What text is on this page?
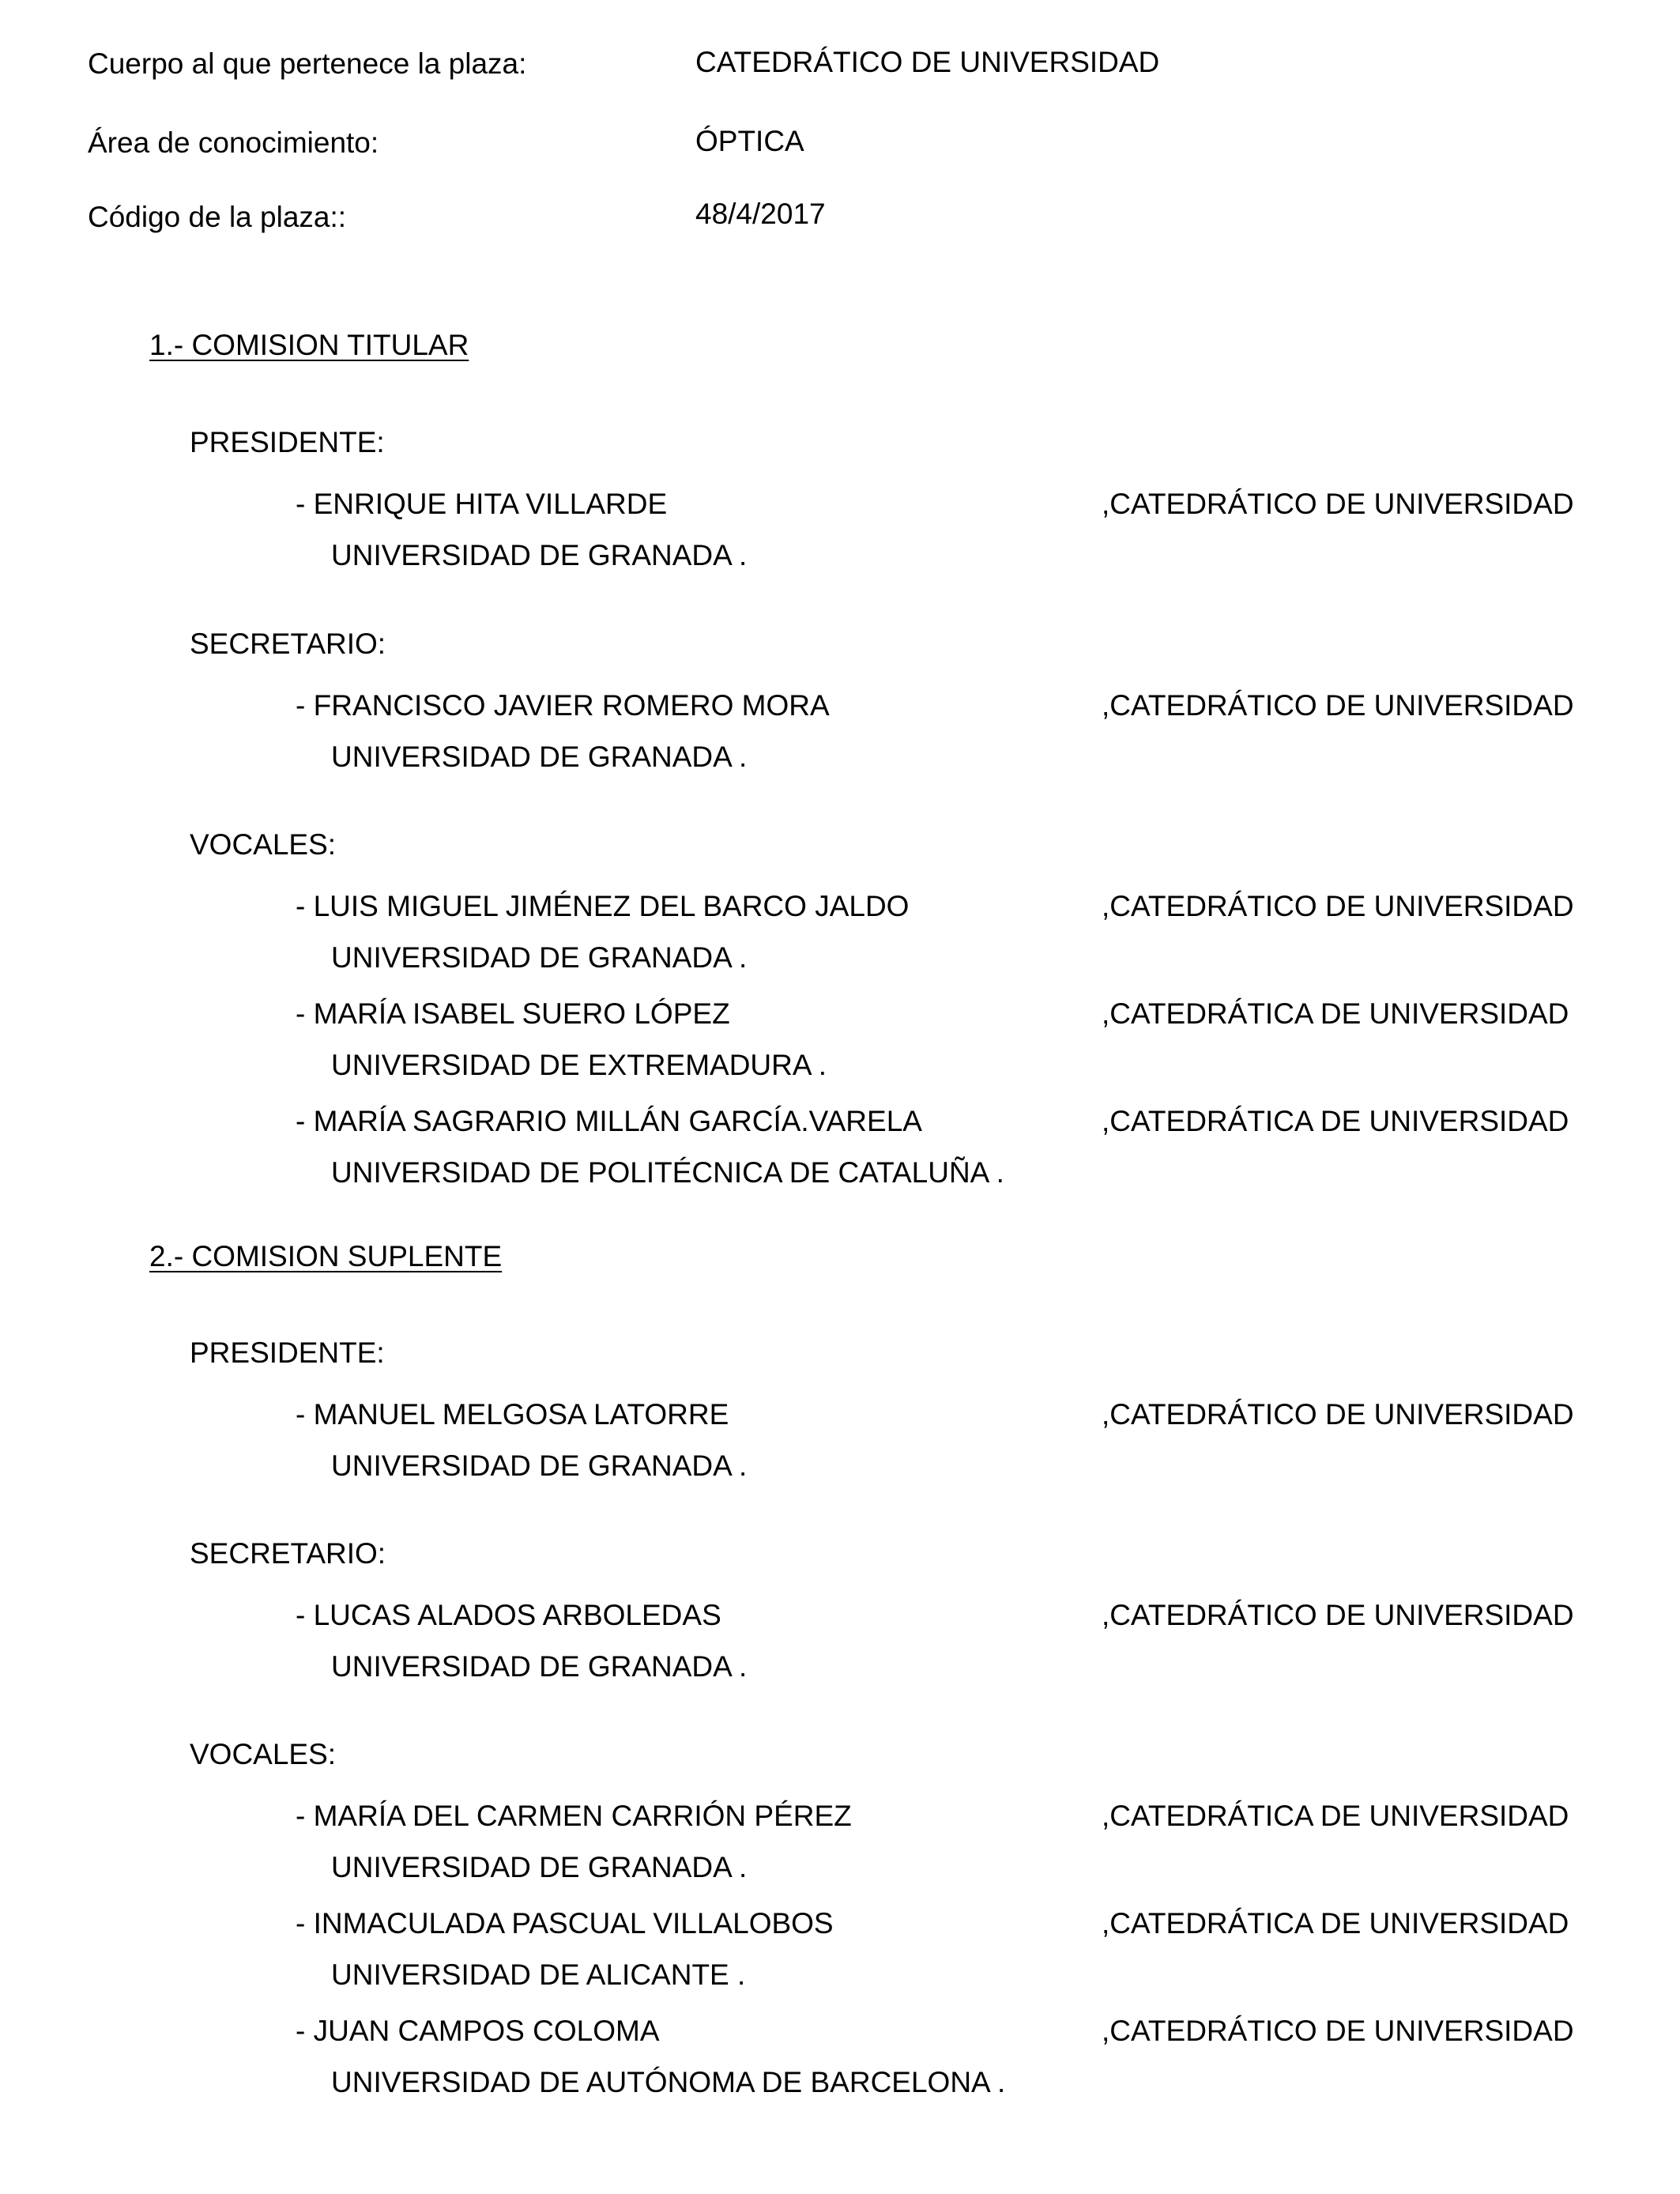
Cuerpo al que pertenece la plaza:	CATEDRÁTICO DE UNIVERSIDAD
Área de conocimiento:	ÓPTICA
Código de la plaza::	48/4/2017
1.- COMISION TITULAR
PRESIDENTE:
- ENRIQUE HITA VILLARDE	,CATEDRÁTICO DE UNIVERSIDAD
UNIVERSIDAD DE GRANADA .
SECRETARIO:
- FRANCISCO JAVIER ROMERO MORA	,CATEDRÁTICO DE UNIVERSIDAD
UNIVERSIDAD DE GRANADA .
VOCALES:
- LUIS MIGUEL JIMÉNEZ DEL BARCO JALDO	,CATEDRÁTICO DE UNIVERSIDAD
UNIVERSIDAD DE GRANADA .
- MARÍA ISABEL SUERO LÓPEZ	,CATEDRÁTICA DE UNIVERSIDAD
UNIVERSIDAD DE EXTREMADURA .
- MARÍA SAGRARIO MILLÁN GARCÍA.VARELA	,CATEDRÁTICA DE UNIVERSIDAD
UNIVERSIDAD DE POLITÉCNICA DE CATALUÑA .
2.- COMISION SUPLENTE
PRESIDENTE:
- MANUEL MELGOSA LATORRE	,CATEDRÁTICO DE UNIVERSIDAD
UNIVERSIDAD DE GRANADA .
SECRETARIO:
- LUCAS ALADOS ARBOLEDAS	,CATEDRÁTICO DE UNIVERSIDAD
UNIVERSIDAD DE GRANADA .
VOCALES:
- MARÍA DEL CARMEN CARRIÓN PÉREZ	,CATEDRÁTICA DE UNIVERSIDAD
UNIVERSIDAD DE GRANADA .
- INMACULADA PASCUAL VILLALOBOS	,CATEDRÁTICA DE UNIVERSIDAD
UNIVERSIDAD DE ALICANTE .
- JUAN CAMPOS COLOMA	,CATEDRÁTICO DE UNIVERSIDAD
UNIVERSIDAD DE AUTÓNOMA DE BARCELONA .
